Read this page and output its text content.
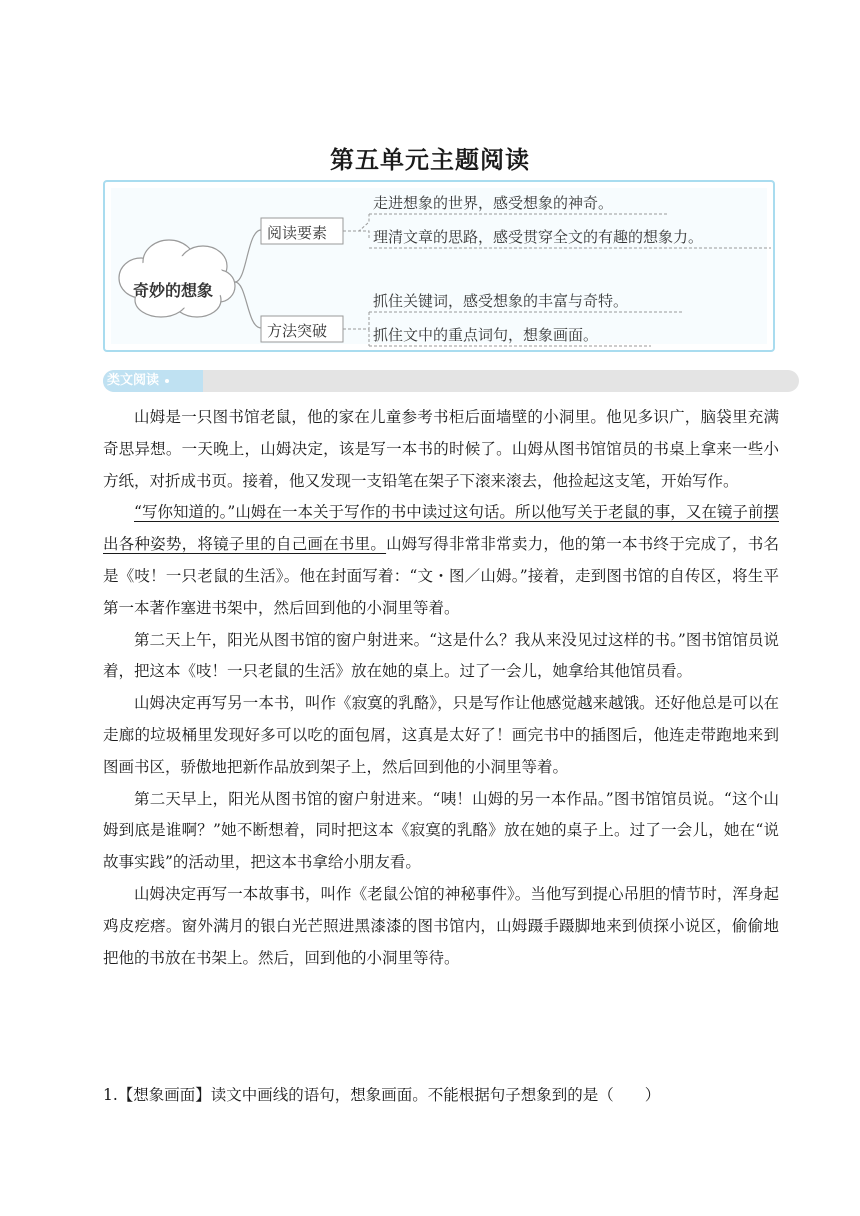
第五单元主题阅读
奇妙的想象
阅读要素
方法突破
走进想象的世界，感受想象的神奇。
理清文章的思路，感受贯穿全文的有趣的想象力。
抓住关键词，感受想象的丰富与奇特。
抓住文中的重点词句，想象画面。
类文阅读

山姆是一只图书馆老鼠，他的家在儿童参考书柜后面墙壁的小洞里。他见多识广，脑袋里充满奇思异想。一天晚上，山姆决定，该是写一本书的时候了。山姆从图书馆馆员的书桌上拿来一些小方纸，对折成书页。接着，他又发现一支铅笔在架子下滚来滚去，他捡起这支笔，开始写作。

“写你知道的。”山姆在一本关于写作的书中读过这句话。所以他写关于老鼠的事，又在镜子前摆出各种姿势，将镜子里的自己画在书里。山姆写得非常非常卖力，他的第一本书终于完成了，书名是《吱！一只老鼠的生活》。他在封面写着：“文・图／山姆。”接着，走到图书馆的自传区，将生平第一本著作塞进书架中，然后回到他的小洞里等着。

第二天上午，阳光从图书馆的窗户射进来。“这是什么？我从来没见过这样的书。”图书馆馆员说着，把这本《吱！一只老鼠的生活》放在她的桌上。过了一会儿，她拿给其他馆员看。

山姆决定再写另一本书，叫作《寂寞的乳酪》，只是写作让他感觉越来越饿。还好他总是可以在走廊的垃圾桶里发现好多可以吃的面包屑，这真是太好了！画完书中的插图后，他连走带跑地来到图画书区，骄傲地把新作品放到架子上，然后回到他的小洞里等着。

第二天早上，阳光从图书馆的窗户射进来。“咦！山姆的另一本作品。”图书馆馆员说。“这个山姆到底是谁啊？”她不断想着，同时把这本《寂寞的乳酪》放在她的桌子上。过了一会儿，她在“说故事实践”的活动里，把这本书拿给小朋友看。

山姆决定再写一本故事书，叫作《老鼠公馆的神秘事件》。当他写到提心吊胆的情节时，浑身起鸡皮疙瘩。窗外满月的银白光芒照进黑漆漆的图书馆内，山姆蹑手蹑脚地来到侦探小说区，偷偷地把他的书放在书架上。然后，回到他的小洞里等待。

1.【想象画面】读文中画线的语句，想象画面。不能根据句子想象到的是（　　）
